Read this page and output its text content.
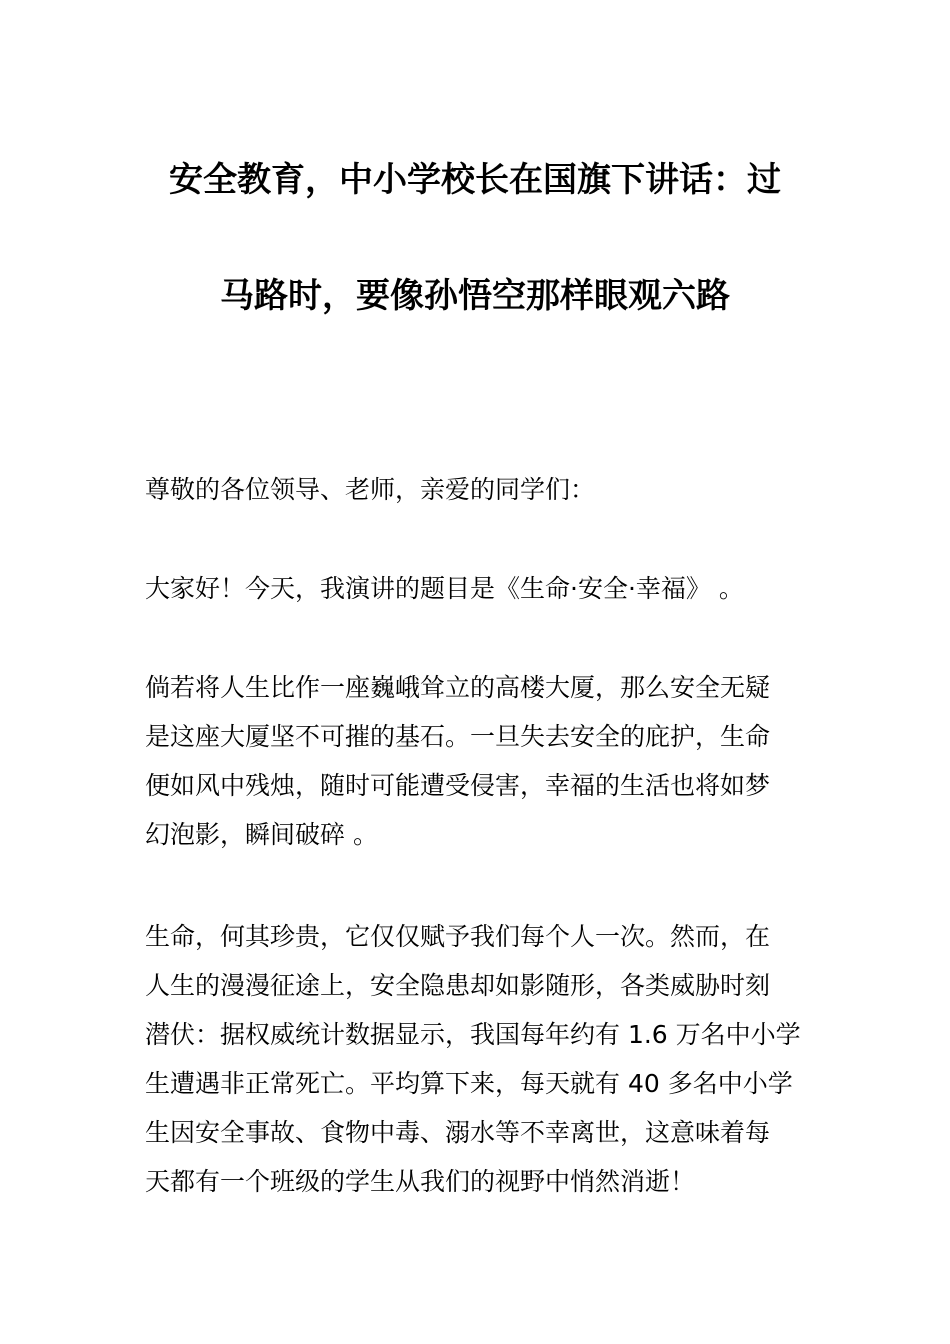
安全教育，中小学校长在国旗下讲话：过
马路时，要像孙悟空那样眼观六路
尊敬的各位领导、老师，亲爱的同学们：
大家好！今天，我演讲的题目是《生命·安全·幸福》 。
倘若将人生比作一座巍峨耸立的高楼大厦，那么安全无疑
是这座大厦坚不可摧的基石。一旦失去安全的庇护，生命
便如风中残烛，随时可能遭受侵害，幸福的生活也将如梦
幻泡影，瞬间破碎 。
生命，何其珍贵，它仅仅赋予我们每个人一次。然而，在
人生的漫漫征途上，安全隐患却如影随形，各类威胁时刻
潜伏：据权威统计数据显示，我国每年约有 1.6 万名中小学
生遭遇非正常死亡。平均算下来，每天就有 40 多名中小学
生因安全事故、食物中毒、溺水等不幸离世，这意味着每
天都有一个班级的学生从我们的视野中悄然消逝！
